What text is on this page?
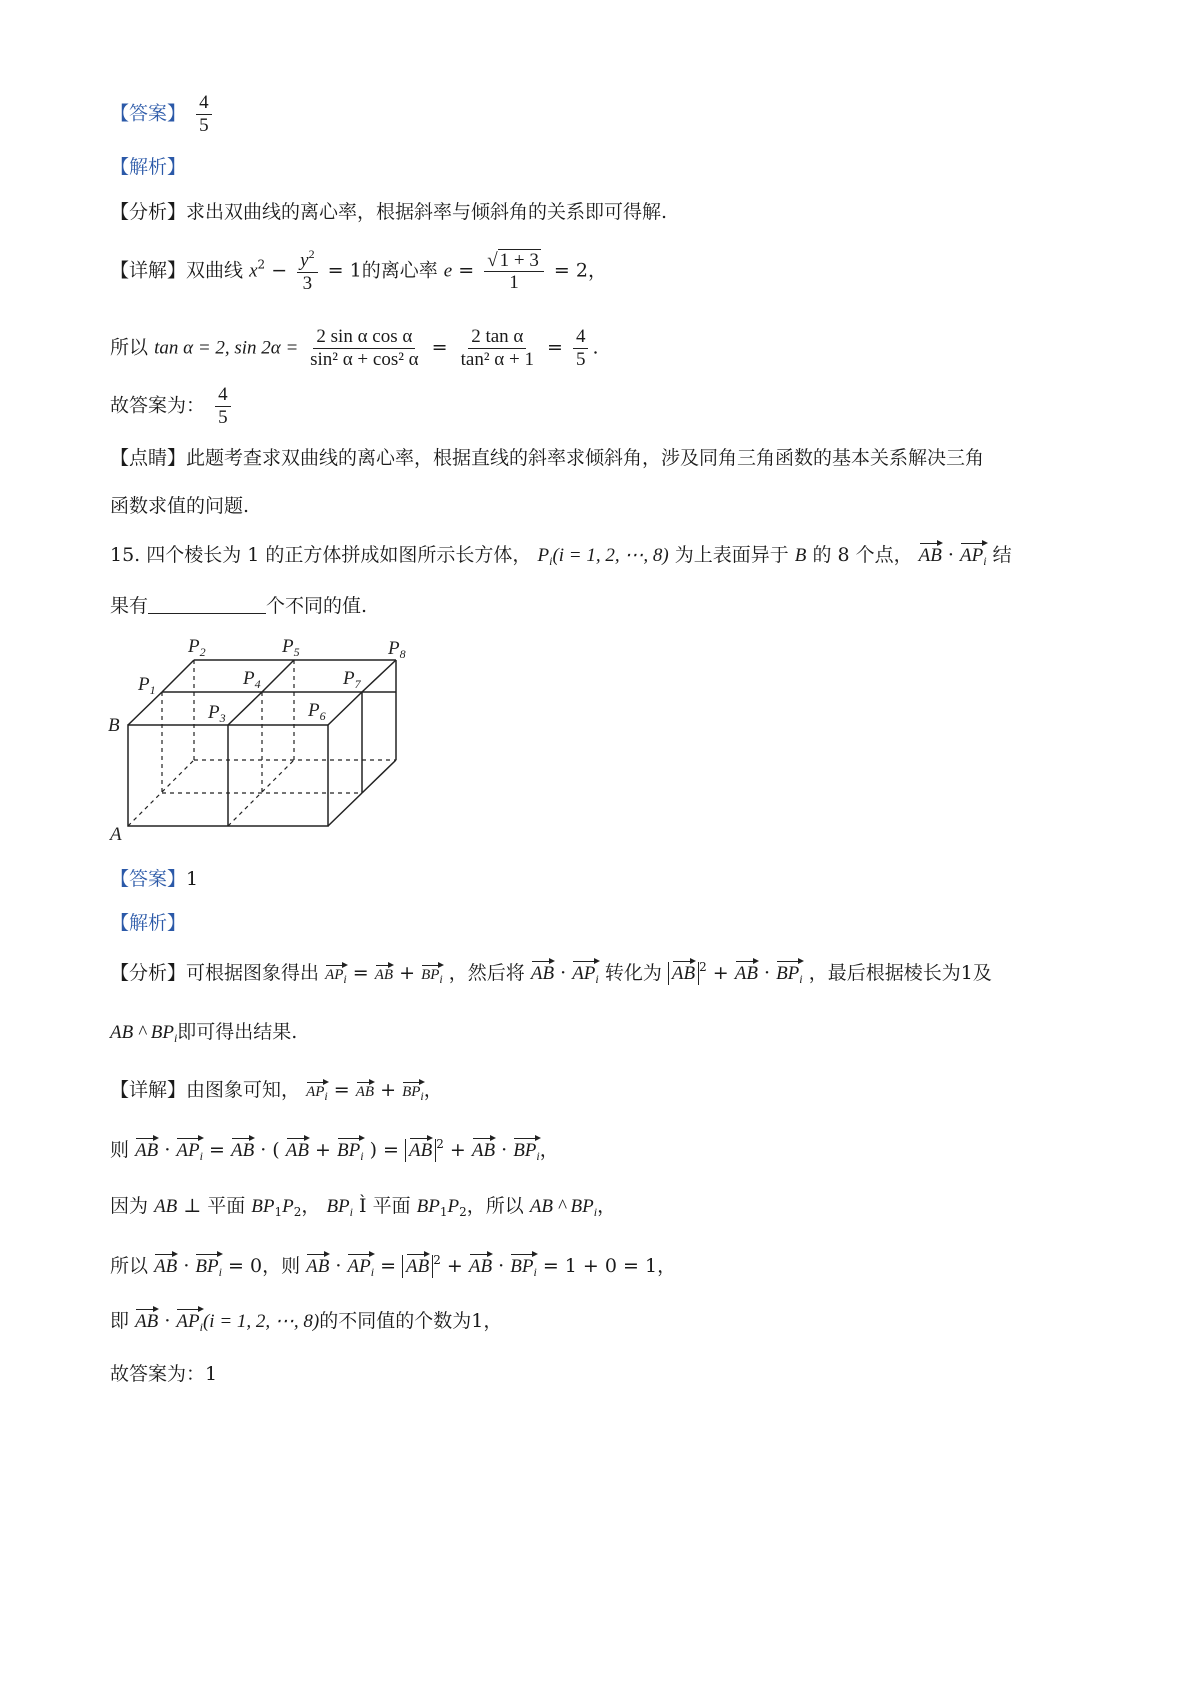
【答案】 $\frac{4}{5}$
【解析】
【分析】求出双曲线的离心率，根据斜率与倾斜角的关系即可得解.
【详解】双曲线 $x^2 - \frac{y^2}{3} = 1$的离心率 $e = \frac{√ 1 + 3}{1} = 2$，
所以 tan α = 2, $\sin 2\alpha = \frac{\text{2 sin α cos α}}{\text{sin² α + cos² α}} = \frac{\text{2 tan α}}{\text{tan² α + 1}} = \frac{4}{5}$ .
故答案为： $\frac{4}{5}$
【点睛】此题考查求双曲线的离心率，根据直线的斜率求倾斜角，涉及同角三角函数的基本关系解决三角
函数求值的问题.
15. 四个棱长为 1 的正方体拼成如图所示长方体， $P_i(i = 1$, 2, ⋯, 8) 为上表面异于 B 的 8 个点， AB · $AP_i$ 结
果有	个不同的值.
$P_2$	$P_5$	$P_8$
$P_1$
$P_4$	$P_7$
$P_3$	$P_6$
B
A
【答案】1
【解析】
【分析】可根据图象得出 $AP_i$ = AB + $BP_i$ ，然后将 AB · $AP_i$ 转化为 AB $^2$ + AB · $BP_i$ ，最后根据棱长为1及
AB ^ $BP_i$即可得出结果.
【详解】由图象可知， $AP_i$ = AB + $BP_i$，
则 AB · $AP_i$ = AB · ( AB + $BP_i$ ) = AB $^2$ + AB · $BP_i$，
因为 AB ⊥ 平面 $BP_1P_2$， $BP_i$ Ì 平面 $BP_1P_2$，所以 AB ^ $BP_i$，
所以 AB · $BP_i = 0$，则 AB · $AP_i$ = AB $^2$ + AB · $BP_i = 1 + 0 = 1$，
即 AB · $AP_i(i = 1$, 2, ⋯, 8)的不同值的个数为1，
故答案为：1
